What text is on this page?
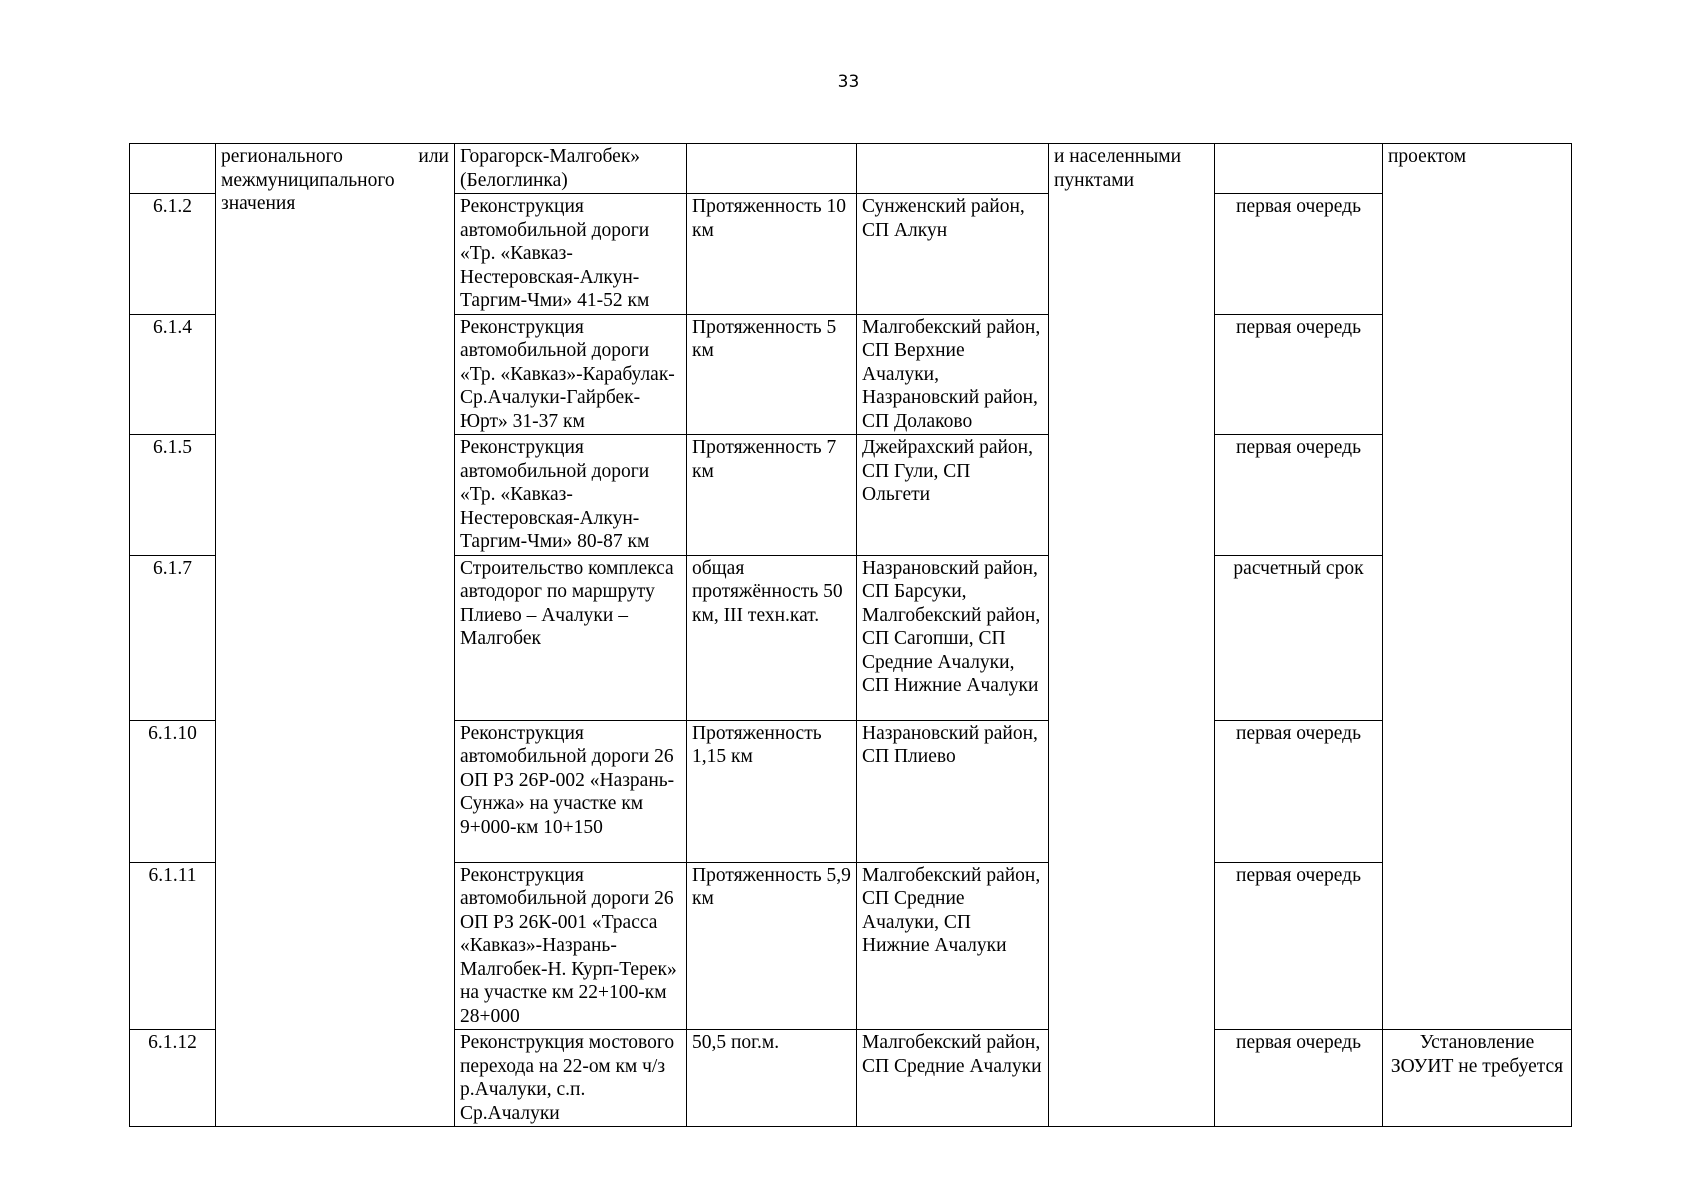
33

	регионального или
межмуниципального
значения	Горагорск-Малгобек» (Белоглинка)			и населенными пунктами		проектом
6.1.2		Реконструкция автомобильной дороги «Тр. «Кавказ-Нестеровская-Алкун-Таргим-Чми» 41-52 км	Протяженность 10 км	Сунженский район, СП Алкун		первая очередь	
6.1.4		Реконструкция автомобильной дороги «Тр. «Кавказ»-Карабулак-Ср.Ачалуки-Гайрбек-Юрт» 31-37 км	Протяженность 5 км	Малгобекский район, СП Верхние Ачалуки, Назрановский район, СП Долаково		первая очередь	
6.1.5		Реконструкция автомобильной дороги «Тр. «Кавказ-Нестеровская-Алкун-Таргим-Чми» 80-87 км	Протяженность 7 км	Джейрахский район, СП Гули, СП Ольгети		первая очередь	
6.1.7		Строительство комплекса автодорог по маршруту Плиево – Ачалуки – Малгобек	общая протяжённость 50 км, III техн.кат.	Назрановский район, СП Барсуки, Малгобекский район, СП Сагопши, СП Средние Ачалуки, СП Нижние Ачалуки		расчетный срок	
6.1.10		Реконструкция автомобильной дороги 26 ОП РЗ 26Р-002 «Назрань-Сунжа» на участке км 9+000-км 10+150	Протяженность 1,15 км	Назрановский район, СП Плиево		первая очередь	
6.1.11		Реконструкция автомобильной дороги 26 ОП РЗ 26К-001 «Трасса «Кавказ»-Назрань-Малгобек-Н. Курп-Терек» на участке км 22+100-км 28+000	Протяженность 5,9 км	Малгобекский район, СП Средние Ачалуки, СП Нижние Ачалуки		первая очередь	
6.1.12		Реконструкция мостового перехода на 22-ом км ч/з р.Ачалуки, с.п. Ср.Ачалуки	50,5 пог.м.	Малгобекский район, СП Средние Ачалуки		первая очередь	Установление ЗОУИТ не требуется
